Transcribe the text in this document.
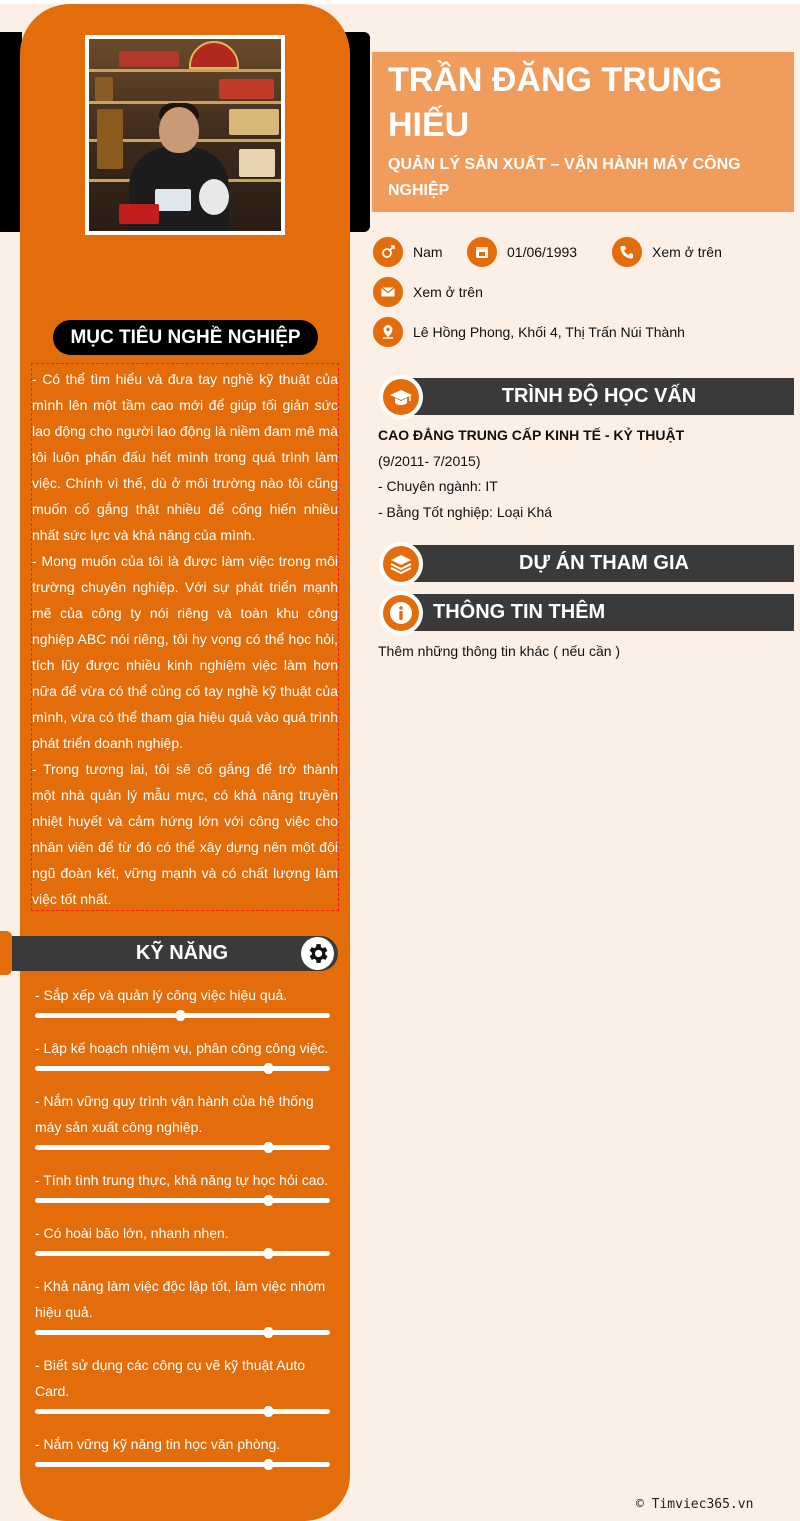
MỤC TIÊU NGHỀ NGHIỆP

- Có thể tìm hiểu và đưa tay nghề kỹ thuật của mình lên một tầm cao mới để giúp tối giản sức lao động cho người lao động là niềm đam mê mà tôi luôn phấn đấu hết mình trong quá trình làm việc. Chính vì thế, dù ở môi trường nào tôi cũng muốn cố gắng thật nhiều để cống hiến nhiều nhất sức lực và khả năng của mình.

- Mong muốn của tôi là được làm việc trong môi trường chuyên nghiệp. Với sự phát triển mạnh mẽ của công ty nói riêng và toàn khu công nghiệp ABC nói riêng, tôi hy vọng có thể học hỏi, tích lũy được nhiều kinh nghiệm việc làm hơn nữa để vừa có thể củng cố tay nghề kỹ thuật của mình, vừa có thể tham gia hiệu quả vào quá trình phát triển doanh nghiệp.

- Trong tương lai, tôi sẽ cố gắng để trở thành một nhà quản lý mẫu mực, có khả năng truyền nhiệt huyết và cảm hứng lớn với công việc cho nhân viên để từ đó có thể xây dựng nên một đội ngũ đoàn kết, vững mạnh và có chất lượng làm việc tốt nhất.

KỸ NĂNG
- Sắp xếp và quản lý công việc hiệu quả.
- Lập kế hoạch nhiệm vụ, phân công công việc.
- Nắm vững quy trình vận hành của hệ thống máy sản xuất công nghiệp.
- Tính tình trung thực, khả năng tự học hỏi cao.
- Có hoài bão lớn, nhanh nhẹn.
- Khả năng làm việc độc lập tốt, làm việc nhóm hiệu quả.
- Biết sử dụng các công cụ vẽ kỹ thuật Auto Card.
- Nắm vững kỹ năng tin học văn phòng.
TRẦN ĐĂNG TRUNG HIẾU
QUẢN LÝ SẢN XUẤT – VẬN HÀNH MÁY CÔNG NGHIỆP
Nam	01/06/1993	Xem ở trên
Xem ở trên
Lê Hồng Phong, Khối 4, Thị Trấn Núi Thành
TRÌNH ĐỘ HỌC VẤN
CAO ĐẲNG TRUNG CẤP KINH TẾ - KỶ THUẬT
(9/2011- 7/2015)
- Chuyên ngành: IT
- Bằng Tốt nghiệp: Loại Khá
DỰ ÁN THAM GIA
THÔNG TIN THÊM
Thêm những thông tin khác ( nếu cần )
© Timviec365.vn
